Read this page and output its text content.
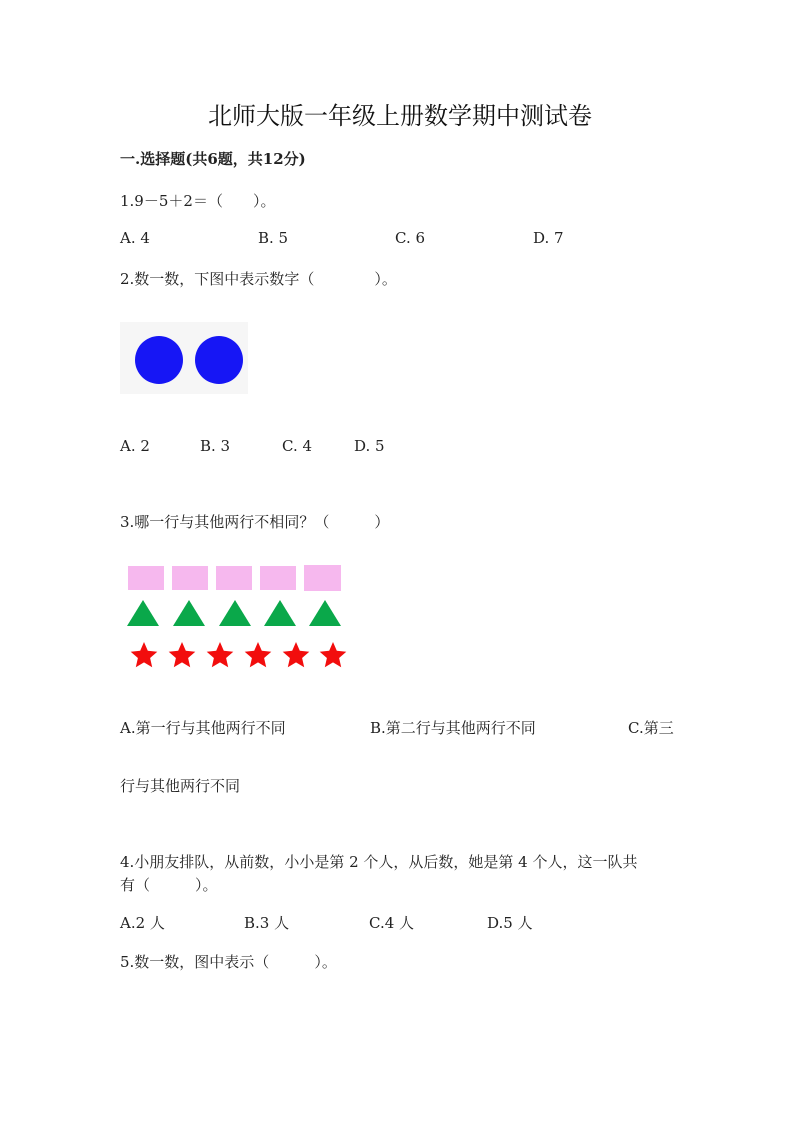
北师大版一年级上册数学期中测试卷
一.选择题(共6题，共12分)
1.9－5＋2＝（　　）。
A. 4	B. 5	C. 6	D. 7
2.数一数，下图中表示数字（　　　　）。
A. 2	B. 3	C. 4	D. 5
3.哪一行与其他两行不相同？（　　　）
A.第一行与其他两行不同	B.第二行与其他两行不同	C.第三
行与其他两行不同
4.小朋友排队，从前数，小小是第 2 个人，从后数，她是第 4 个人，这一队共
有（　　　）。
A.2 人	B.3 人	C.4 人	D.5 人
5.数一数，图中表示（　　　）。
